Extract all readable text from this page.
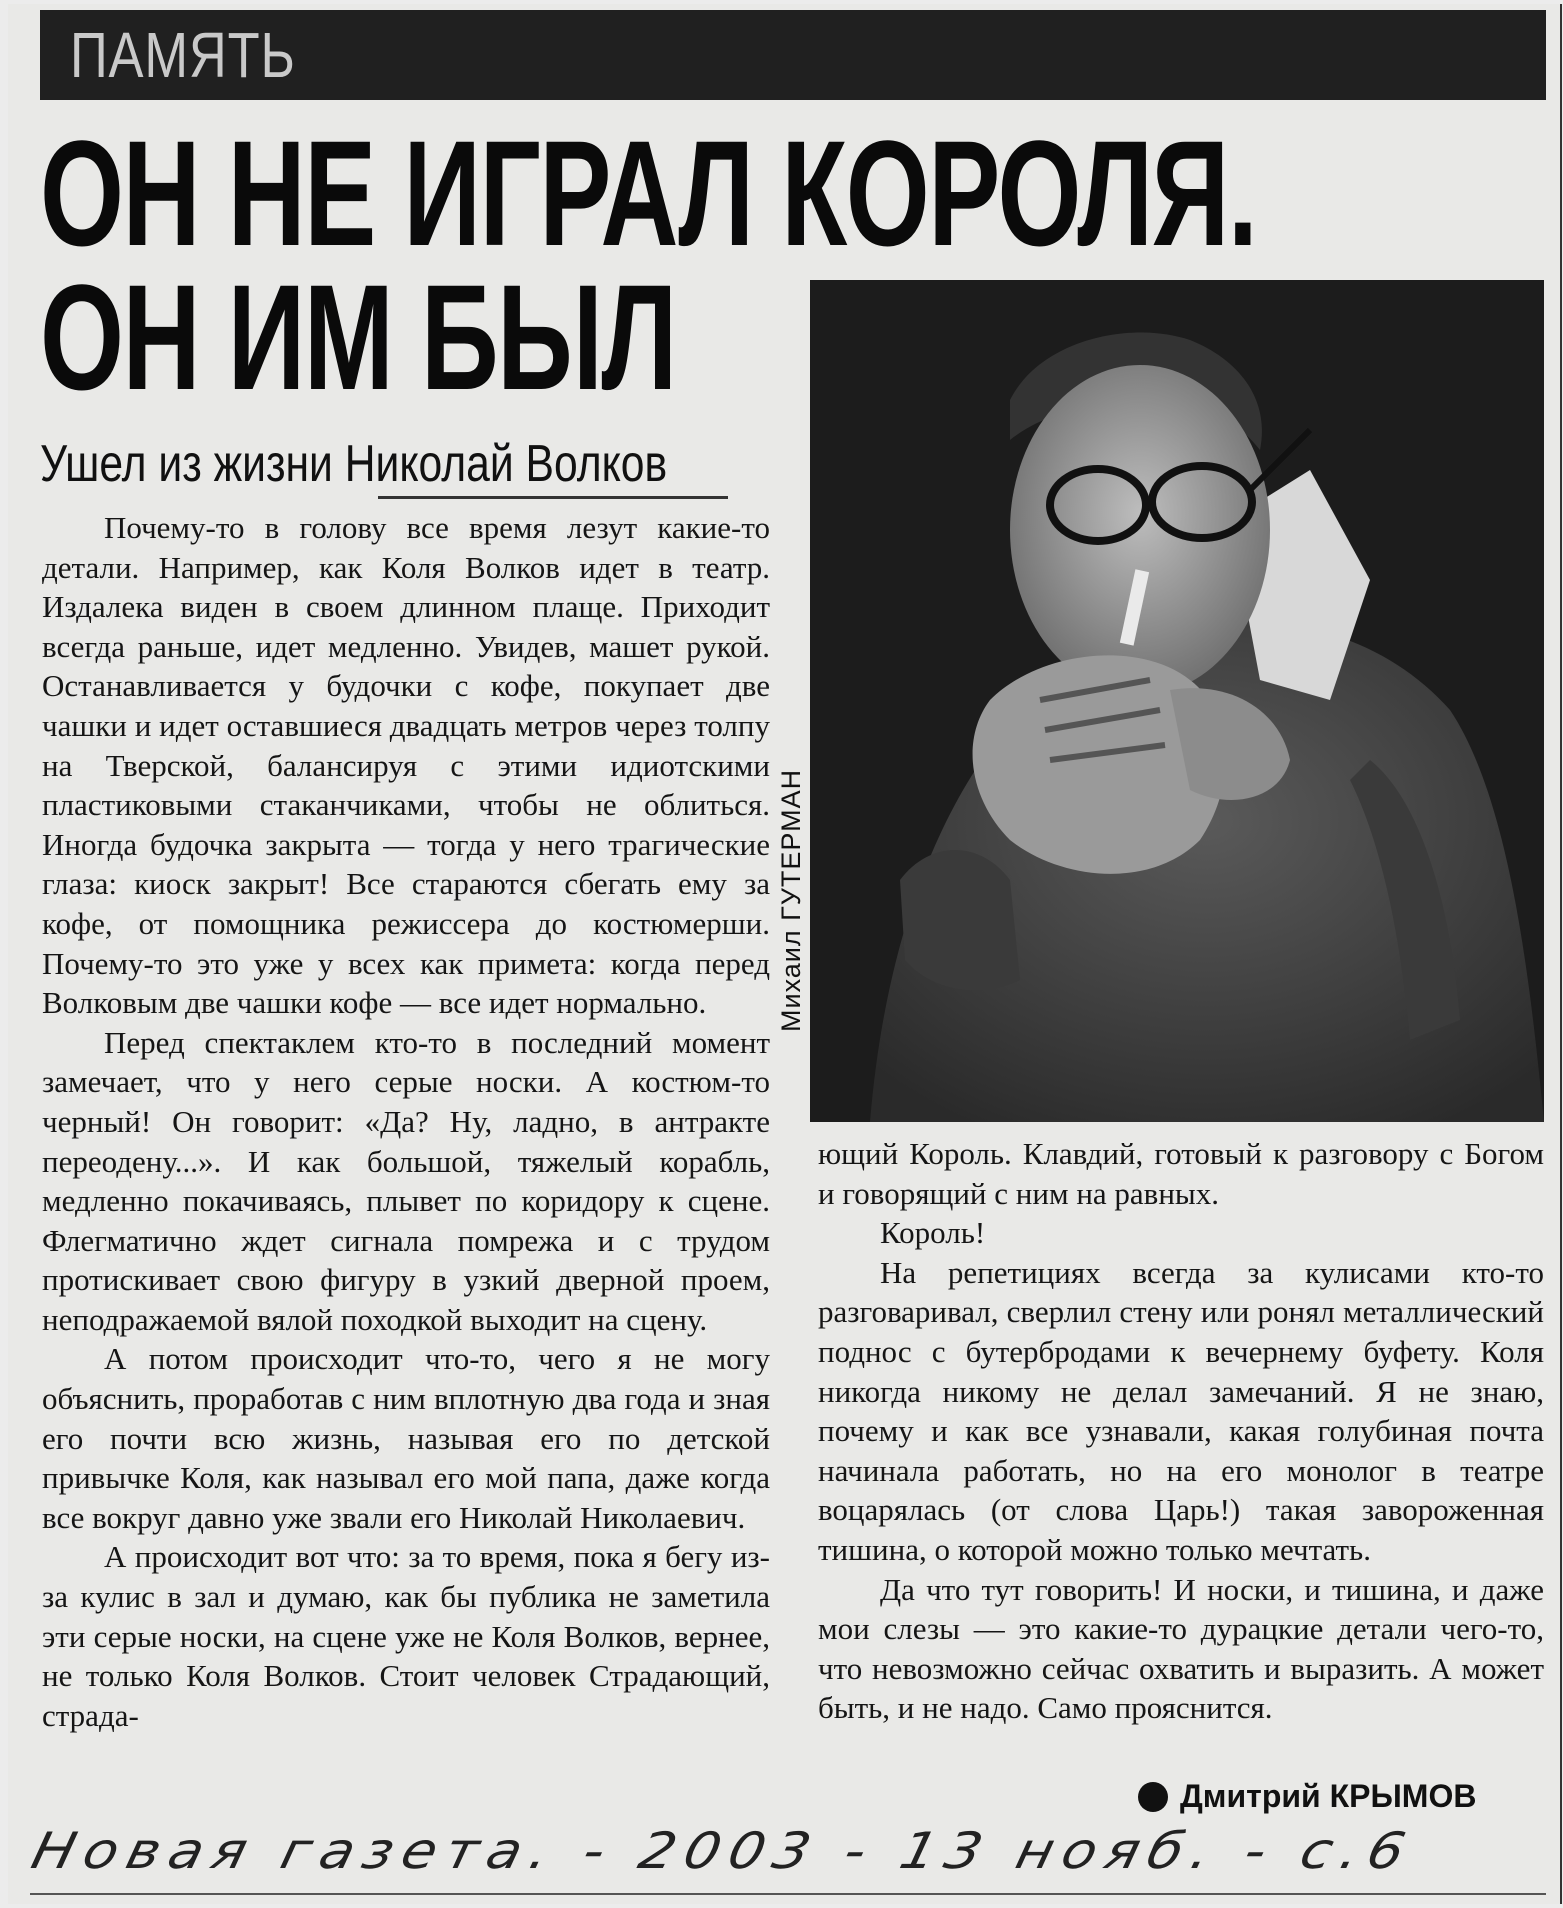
ПАМЯТЬ
ОН НЕ ИГРАЛ КОРОЛЯ.
ОН ИМ БЫЛ
Ушел из жизни Николай Волков
Михаил ГУТЕРМАН

Почему-то в голову все время лезут какие-то детали. Например, как Коля Волков идет в театр. Издалека виден в своем длинном плаще. Приходит всегда раньше, идет медленно. Увидев, машет рукой. Останавливается у будочки с кофе, покупает две чашки и идет оставшиеся двадцать метров через толпу на Тверской, балансируя с этими идиотскими пластиковыми стаканчиками, чтобы не облиться. Иногда будочка закрыта — тогда у него трагические глаза: киоск закрыт! Все стараются сбегать ему за кофе, от помощника режиссера до костюмерши. Почему-то это уже у всех как примета: когда перед Волковым две чашки кофе — все идет нормально.

Перед спектаклем кто-то в последний момент замечает, что у него серые носки. А костюм-то черный! Он говорит: «Да? Ну, ладно, в антракте переодену...». И как большой, тяжелый корабль, медленно покачиваясь, плывет по коридору к сцене. Флегматично ждет сигнала помрежа и с трудом протискивает свою фигуру в узкий дверной проем, неподражаемой вялой походкой выходит на сцену.

А потом происходит что-то, чего я не могу объяснить, проработав с ним вплотную два года и зная его почти всю жизнь, называя его по детской привычке Коля, как называл его мой папа, даже когда все вокруг давно уже звали его Николай Николаевич.

А происходит вот что: за то время, пока я бегу из-за кулис в зал и думаю, как бы публика не заметила эти серые носки, на сцене уже не Коля Волков, вернее, не только Коля Волков. Стоит человек Страдающий, страда-

ющий Король. Клавдий, готовый к разговору с Богом и говорящий с ним на равных.

Король!

На репетициях всегда за кулисами кто-то разговаривал, сверлил стену или ронял металлический поднос с бутербродами к вечернему буфету. Коля никогда никому не делал замечаний. Я не знаю, почему и как все узнавали, какая голубиная почта начинала работать, но на его монолог в театре воцарялась (от слова Царь!) такая завороженная тишина, о которой можно только мечтать.

Да что тут говорить! И носки, и тишина, и даже мои слезы — это какие-то дурацкие детали чего-то, что невозможно сейчас охватить и выразить. А может быть, и не надо. Само прояснится.

Дмитрий КРЫМОВ
Новая газета. - 2003 - 13 нояб. - с.6
